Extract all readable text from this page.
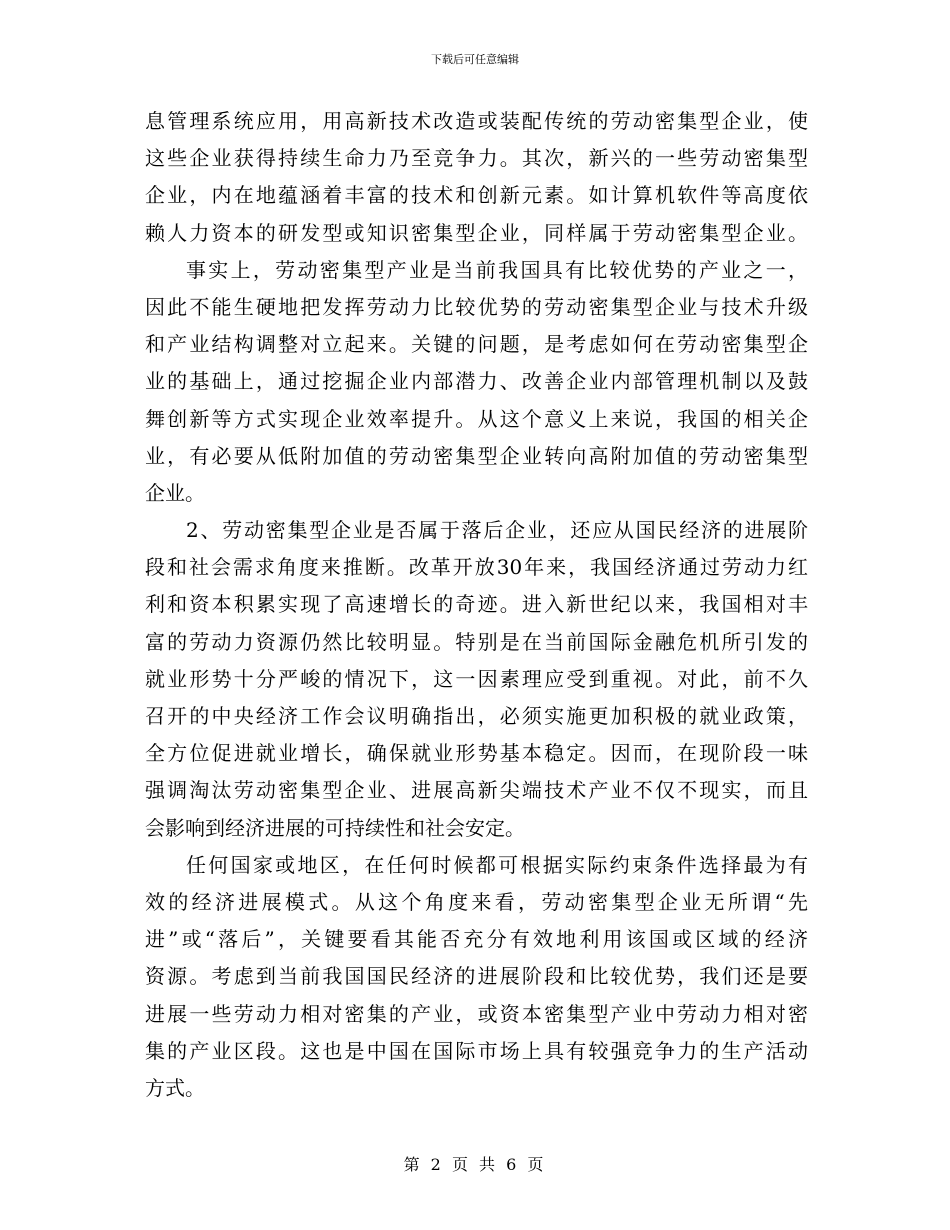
下载后可任意编辑
息管理系统应用，用高新技术改造或装配传统的劳动密集型企业，使
这些企业获得持续生命力乃至竞争力。其次，新兴的一些劳动密集型
企业，内在地蕴涵着丰富的技术和创新元素。如计算机软件等高度依
赖人力资本的研发型或知识密集型企业，同样属于劳动密集型企业。
事实上，劳动密集型产业是当前我国具有比较优势的产业之一，
因此不能生硬地把发挥劳动力比较优势的劳动密集型企业与技术升级
和产业结构调整对立起来。关键的问题，是考虑如何在劳动密集型企
业的基础上，通过挖掘企业内部潜力、改善企业内部管理机制以及鼓
舞创新等方式实现企业效率提升。从这个意义上来说，我国的相关企
业，有必要从低附加值的劳动密集型企业转向高附加值的劳动密集型
企业。
2、劳动密集型企业是否属于落后企业，还应从国民经济的进展阶
段和社会需求角度来推断。改革开放30年来，我国经济通过劳动力红
利和资本积累实现了高速增长的奇迹。进入新世纪以来，我国相对丰
富的劳动力资源仍然比较明显。特别是在当前国际金融危机所引发的
就业形势十分严峻的情况下，这一因素理应受到重视。对此，前不久
召开的中央经济工作会议明确指出，必须实施更加积极的就业政策，
全方位促进就业增长，确保就业形势基本稳定。因而，在现阶段一味
强调淘汰劳动密集型企业、进展高新尖端技术产业不仅不现实，而且
会影响到经济进展的可持续性和社会安定。
任何国家或地区，在任何时候都可根据实际约束条件选择最为有
效的经济进展模式。从这个角度来看，劳动密集型企业无所谓“先
进”或“落后”，关键要看其能否充分有效地利用该国或区域的经济
资源。考虑到当前我国国民经济的进展阶段和比较优势，我们还是要
进展一些劳动力相对密集的产业，或资本密集型产业中劳动力相对密
集的产业区段。这也是中国在国际市场上具有较强竞争力的生产活动
方式。
第 2 页 共 6 页
